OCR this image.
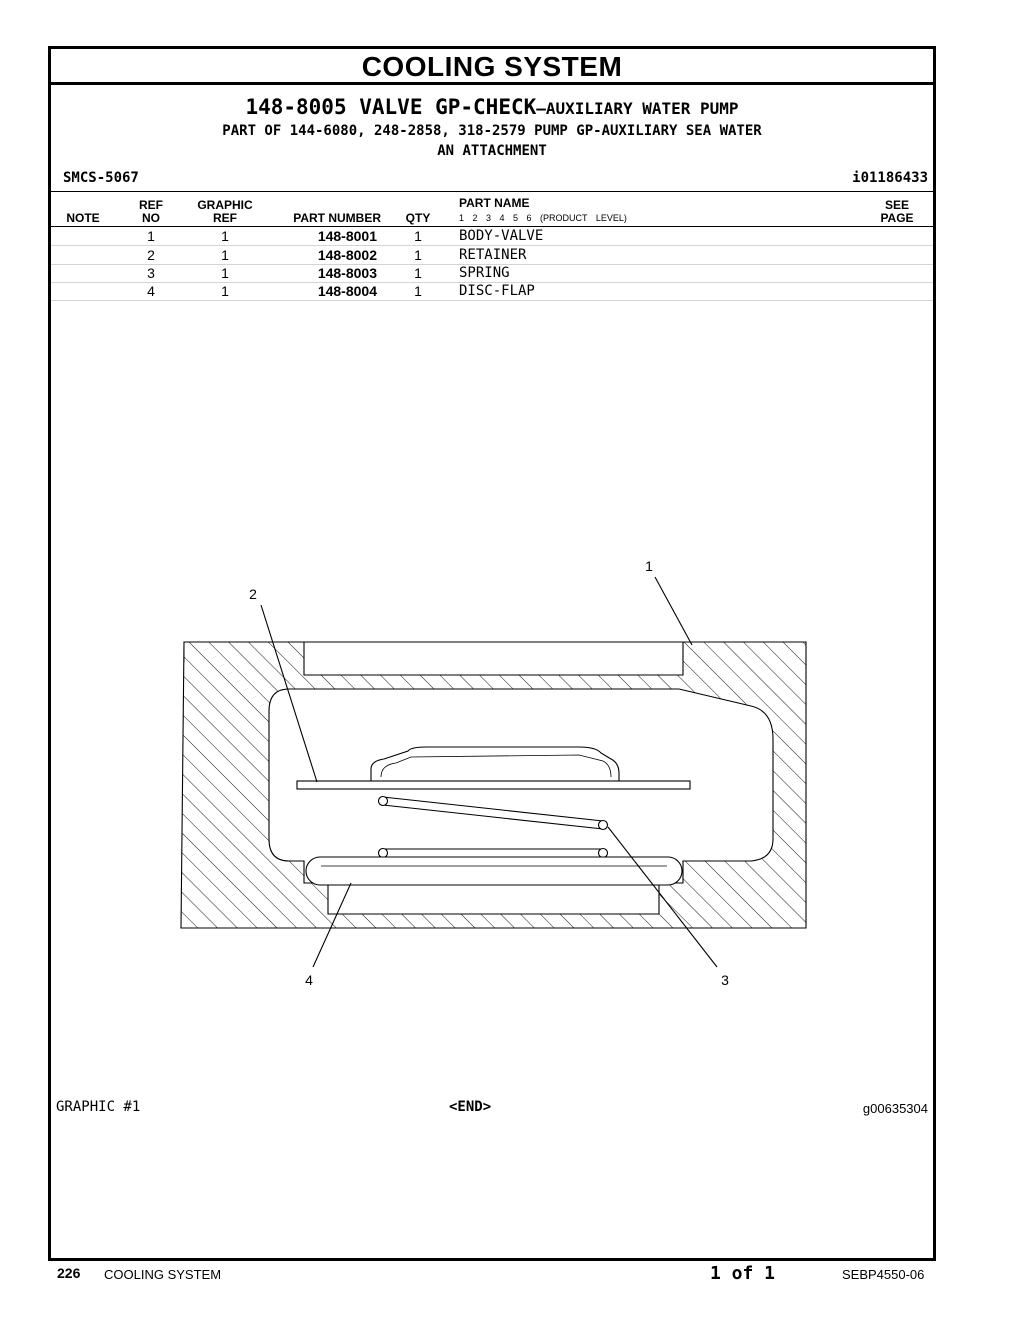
COOLING SYSTEM
148-8005 VALVE GP-CHECK—AUXILIARY WATER PUMP
PART OF 144-6080, 248-2858, 318-2579 PUMP GP-AUXILIARY SEA WATER
AN ATTACHMENT
SMCS-5067	i01186433
NOTE
REF
NO
GRAPHIC
REF	PART NUMBER	QTY
PART NAME
1 2 3 4 5 6 (PRODUCT LEVEL)
SEE
PAGE
1	1	148-8001	1	BODY-VALVE
2	1	148-8002	1	RETAINER
3	1	148-8003	1	SPRING
4	1	148-8004	1	DISC-FLAP
1
2
3
4
GRAPHIC #1	<END>	g00635304
226 COOLING SYSTEM	1 of 1	SEBP4550-06
